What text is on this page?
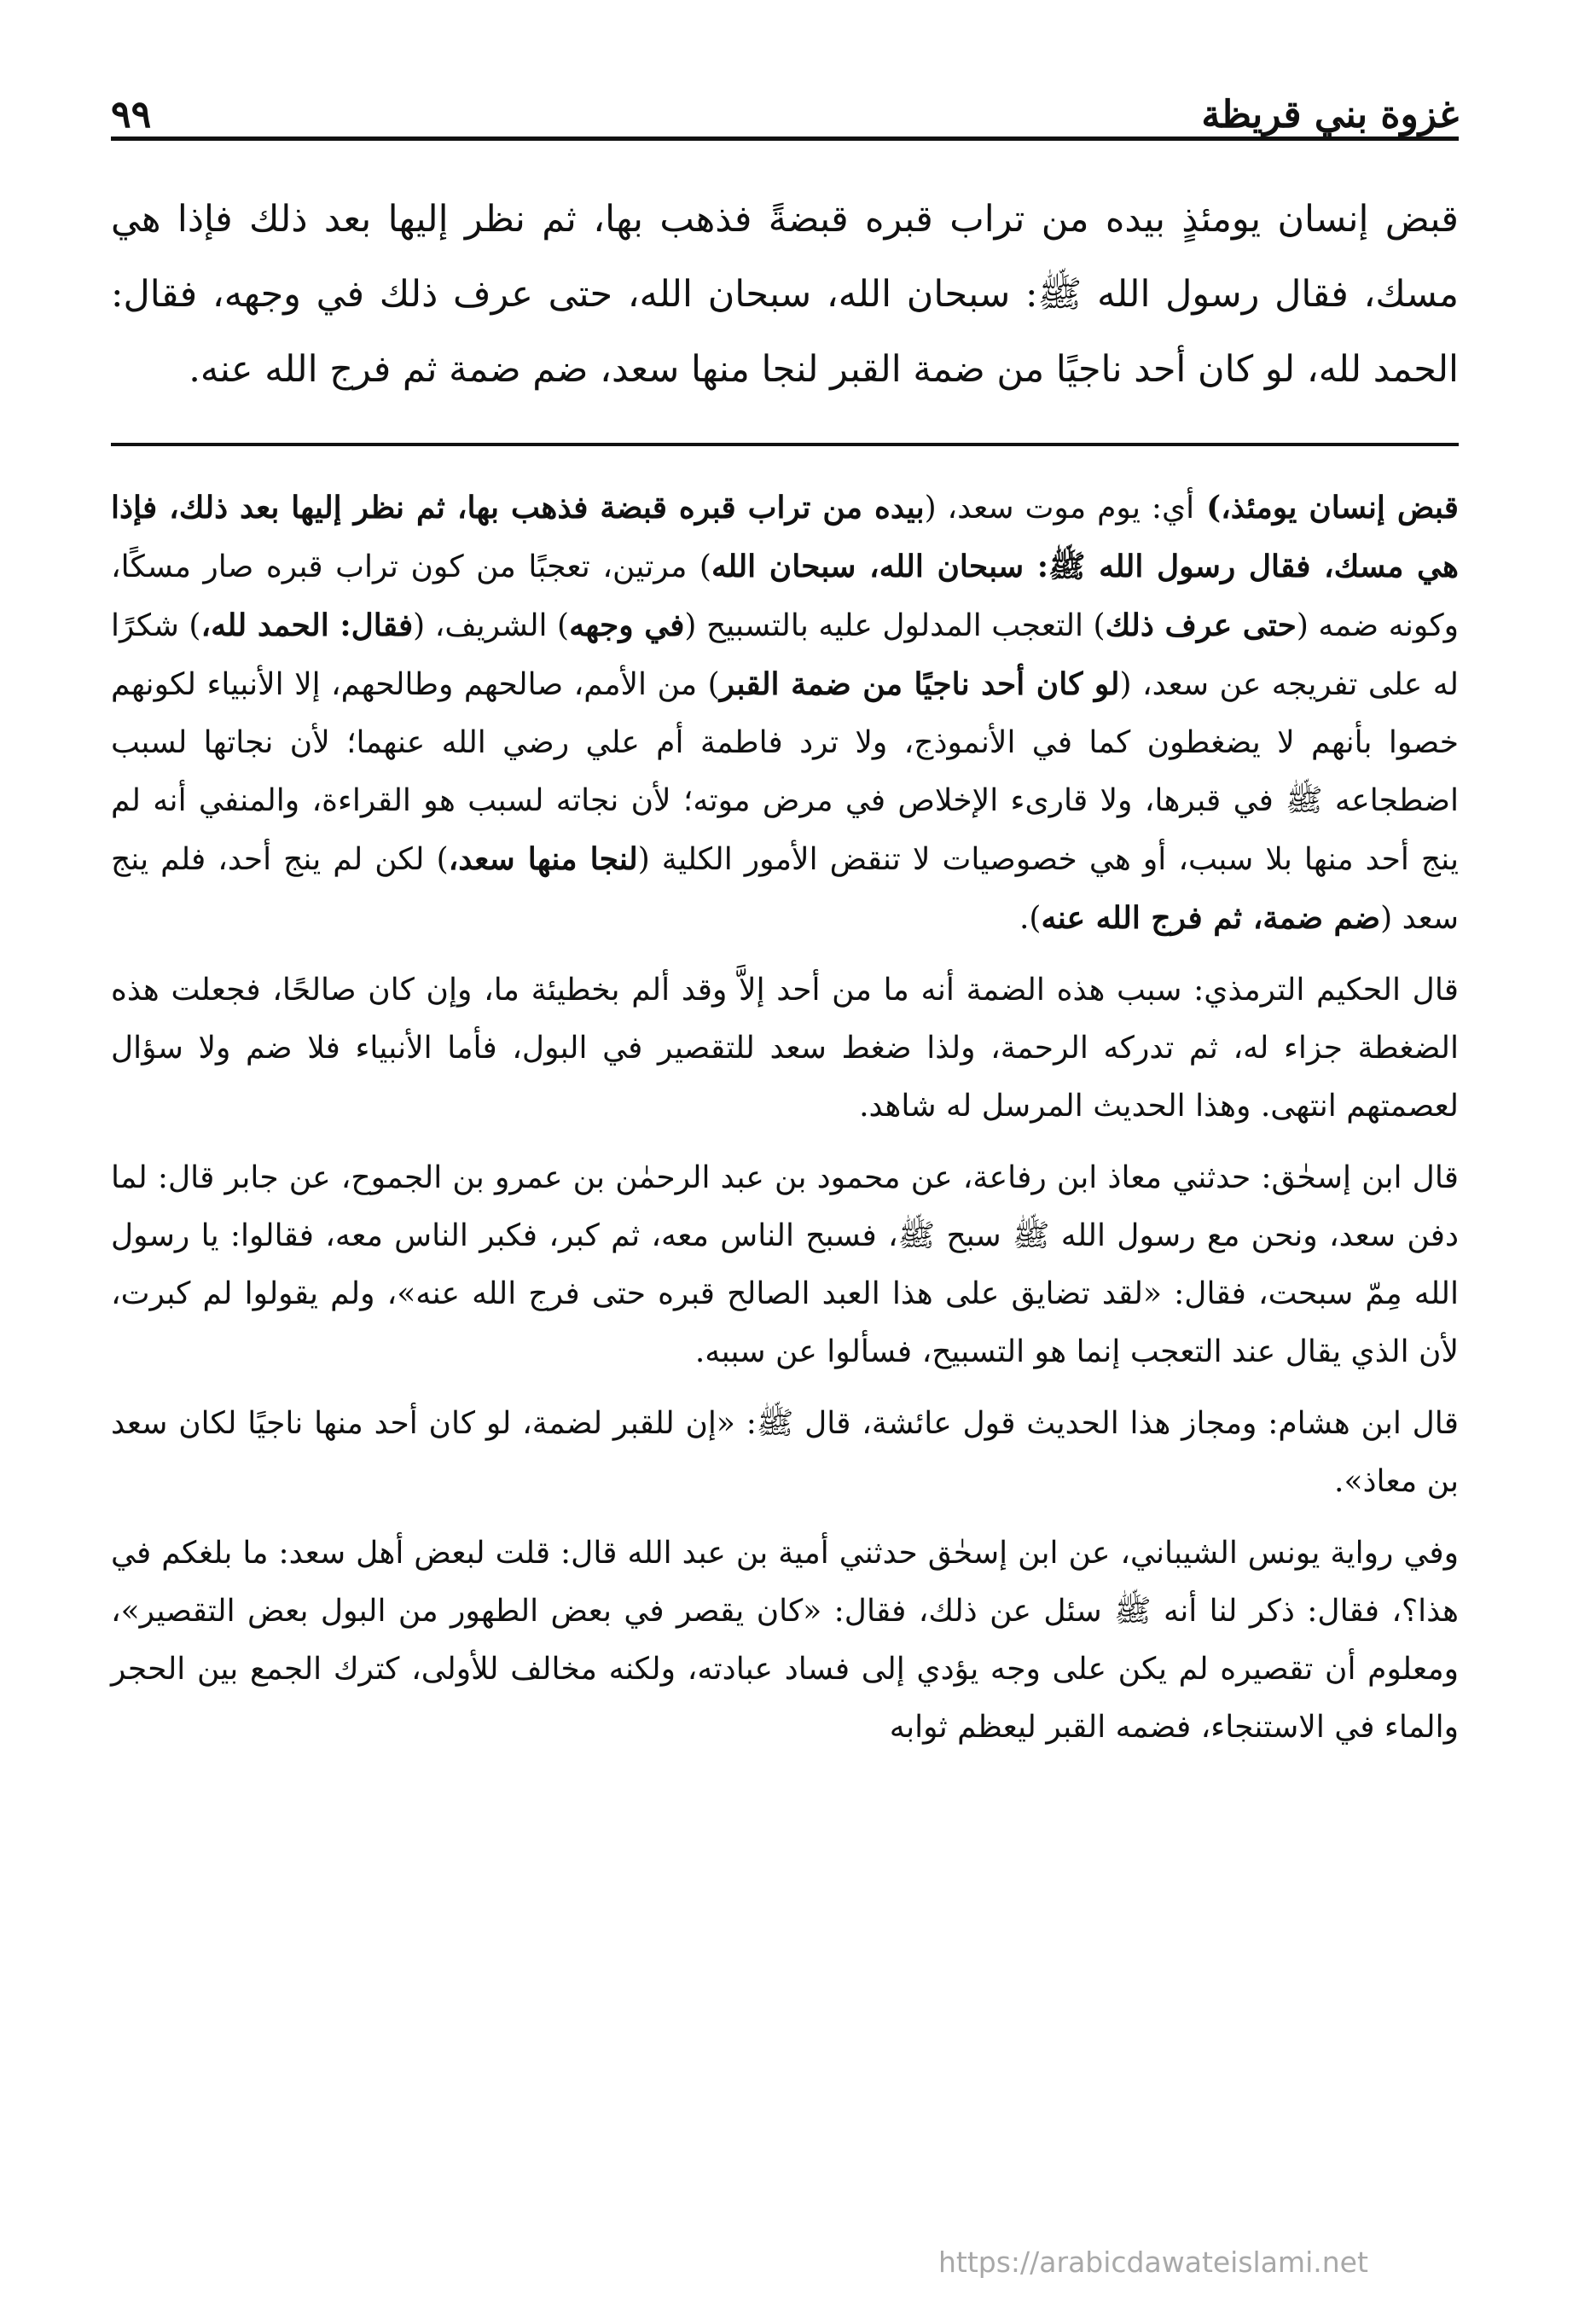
غزوة بني قريظة
٩٩
قبض إنسان يومئذٍ بيده من تراب قبره قبضةً فذهب بها، ثم نظر إليها بعد ذلك فإذا هي مسك، فقال رسول الله ﷺ: سبحان الله، سبحان الله، حتى عرف ذلك في وجهه، فقال: الحمد لله، لو كان أحد ناجيًا من ضمة القبر لنجا منها سعد، ضم ضمة ثم فرج الله عنه.

قبض إنسان يومئذ،) أي: يوم موت سعد، (بيده من تراب قبره قبضة فذهب بها، ثم نظر إليها بعد ذلك، فإذا هي مسك، فقال رسول الله ﷺ: سبحان الله، سبحان الله) مرتين، تعجبًا من كون تراب قبره صار مسكًا، وكونه ضمه (حتى عرف ذلك) التعجب المدلول عليه بالتسبيح (في وجهه) الشريف، (فقال: الحمد لله،) شكرًا له على تفريجه عن سعد، (لو كان أحد ناجيًا من ضمة القبر) من الأمم، صالحهم وطالحهم، إلا الأنبياء لكونهم خصوا بأنهم لا يضغطون كما في الأنموذج، ولا ترد فاطمة أم علي رضي الله عنهما؛ لأن نجاتها لسبب اضطجاعه ﷺ في قبرها، ولا قارىء الإخلاص في مرض موته؛ لأن نجاته لسبب هو القراءة، والمنفي أنه لم ينج أحد منها بلا سبب، أو هي خصوصيات لا تنقض الأمور الكلية (لنجا منها سعد،) لكن لم ينج أحد، فلم ينج سعد (ضم ضمة، ثم فرج الله عنه).

قال الحكيم الترمذي: سبب هذه الضمة أنه ما من أحد إلاَّ وقد ألم بخطيئة ما، وإن كان صالحًا، فجعلت هذه الضغطة جزاء له، ثم تدركه الرحمة، ولذا ضغط سعد للتقصير في البول، فأما الأنبياء فلا ضم ولا سؤال لعصمتهم انتهى. وهذا الحديث المرسل له شاهد.

قال ابن إسحٰق: حدثني معاذ ابن رفاعة، عن محمود بن عبد الرحمٰن بن عمرو بن الجموح، عن جابر قال: لما دفن سعد، ونحن مع رسول الله ﷺ سبح ﷺ، فسبح الناس معه، ثم كبر، فكبر الناس معه، فقالوا: يا رسول الله مِمّ سبحت، فقال: «لقد تضايق على هذا العبد الصالح قبره حتى فرج الله عنه»، ولم يقولوا لم كبرت، لأن الذي يقال عند التعجب إنما هو التسبيح، فسألوا عن سببه.

قال ابن هشام: ومجاز هذا الحديث قول عائشة، قال ﷺ: «إن للقبر لضمة، لو كان أحد منها ناجيًا لكان سعد بن معاذ».

وفي رواية يونس الشيباني، عن ابن إسحٰق حدثني أمية بن عبد الله قال: قلت لبعض أهل سعد: ما بلغكم في هذا؟، فقال: ذكر لنا أنه ﷺ سئل عن ذلك، فقال: «كان يقصر في بعض الطهور من البول بعض التقصير»، ومعلوم أن تقصيره لم يكن على وجه يؤدي إلى فساد عبادته، ولكنه مخالف للأولى، كترك الجمع بين الحجر والماء في الاستنجاء، فضمه القبر ليعظم ثوابه

https://arabicdawateislami.net
